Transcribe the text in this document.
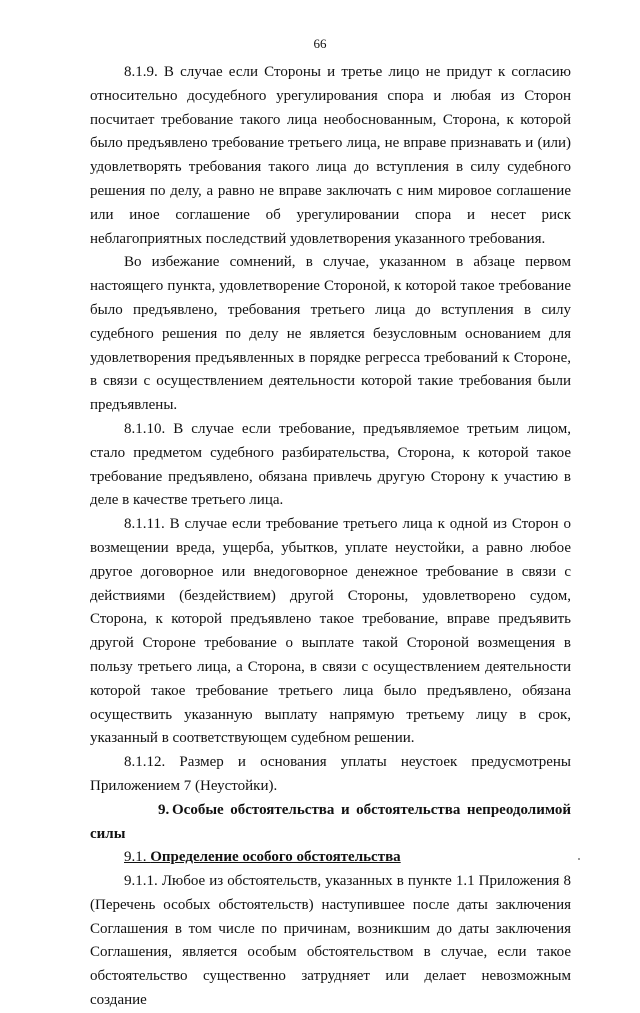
66

8.1.9. В случае если Стороны и третье лицо не придут к согласию относительно досудебного урегулирования спора и любая из Сторон посчитает требование такого лица необоснованным, Сторона, к которой было предъявлено требование третьего лица, не вправе признавать и (или) удовлетворять требования такого лица до вступления в силу судебного решения по делу, а равно не вправе заключать с ним мировое соглашение или иное соглашение об урегулировании спора и несет риск неблагоприятных последствий удовлетворения указанного требования.

Во избежание сомнений, в случае, указанном в абзаце первом настоящего пункта, удовлетворение Стороной, к которой такое требование было предъявлено, требования третьего лица до вступления в силу судебного решения по делу не является безусловным основанием для удовлетворения предъявленных в порядке регресса требований к Стороне, в связи с осуществлением деятельности которой такие требования были предъявлены.

8.1.10. В случае если требование, предъявляемое третьим лицом, стало предметом судебного разбирательства, Сторона, к которой такое требование предъявлено, обязана привлечь другую Сторону к участию в деле в качестве третьего лица.

8.1.11. В случае если требование третьего лица к одной из Сторон о возмещении вреда, ущерба, убытков, уплате неустойки, а равно любое другое договорное или внедоговорное денежное требование в связи с действиями (бездействием) другой Стороны, удовлетворено судом, Сторона, к которой предъявлено такое требование, вправе предъявить другой Стороне требование о выплате такой Стороной возмещения в пользу третьего лица, а Сторона, в связи с осуществлением деятельности которой такое требование третьего лица было предъявлено, обязана осуществить указанную выплату напрямую третьему лицу в срок, указанный в соответствующем судебном решении.

8.1.12. Размер и основания уплаты неустоек предусмотрены Приложением 7 (Неустойки).

9. Особые обстоятельства и обстоятельства непреодолимой силы

9.1. Определение особого обстоятельства

9.1.1. Любое из обстоятельств, указанных в пункте 1.1 Приложения 8 (Перечень особых обстоятельств) наступившее после даты заключения Соглашения в том числе по причинам, возникшим до даты заключения Соглашения, является особым обстоятельством в случае, если такое обстоятельство существенно затрудняет или делает невозможным создание
